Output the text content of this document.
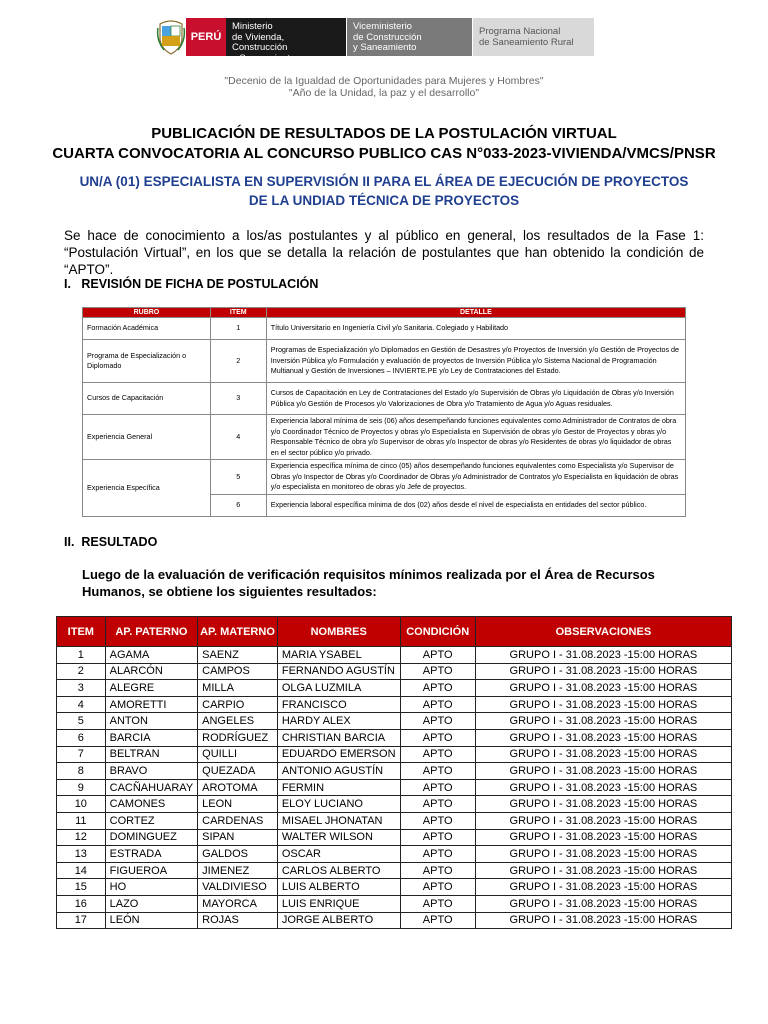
PERÚ
Ministerio
de Vivienda, Construcción
y Saneamiento
Viceministerio
de Construcción
y Saneamiento
Programa Nacional
de Saneamiento Rural
"Decenio de la Igualdad de Oportunidades para Mujeres y Hombres"
"Año de la Unidad, la paz y el desarrollo"
PUBLICACIÓN DE RESULTADOS DE LA POSTULACIÓN VIRTUAL
CUARTA CONVOCATORIA AL CONCURSO PUBLICO CAS N°033-2023-VIVIENDA/VMCS/PNSR
UN/A (01) ESPECIALISTA EN SUPERVISIÓN II PARA EL ÁREA DE EJECUCIÓN DE PROYECTOS DE LA UNDIAD TÉCNICA DE PROYECTOS
Se hace de conocimiento a los/as postulantes y al público en general, los resultados de la Fase 1: “Postulación Virtual”, en los que se detalla la relación de postulantes que han obtenido la condición de “APTO”.
I.   REVISIÓN DE FICHA DE POSTULACIÓN
RUBRO	ITEM	DETALLE
Formación Académica	1	Título Universitario en Ingeniería Civil y/o Sanitaria. Colegiado y Habilitado
Programa de Especialización o Diplomado	2	Programas de Especialización y/o Diplomados en Gestión de Desastres y/o Proyectos de Inversión y/o Gestión de Proyectos de Inversión Pública y/o Formulación y evaluación de proyectos de Inversión Pública y/o Sistema Nacional de Programación Multianual y Gestión de Inversiones – INVIERTE.PE y/o Ley de Contrataciones del Estado.
Cursos de Capacitación	3	Cursos de Capacitación en Ley de Contrataciones del Estado y/o Supervisión de Obras y/o Liquidación de Obras y/o Inversión Pública y/o Gestión de Procesos y/o Valorizaciones de Obra y/o Tratamiento de Agua y/o Aguas residuales.
Experiencia General	4	Experiencia laboral mínima de seis (06) años desempeñando funciones equivalentes como Administrador de Contratos de obra y/o Coordinador Técnico de Proyectos y obras y/o Especialista en Supervisión de obras y/o Gestor de Proyectos y obras y/o Responsable Técnico de obra y/o Supervisor de obras y/o Inspector de obras y/o Residentes de obras y/o liquidador de obras en el sector público y/o privado.
Experiencia Específica	5	Experiencia específica mínima de cinco (05) años desempeñando funciones equivalentes como Especialista y/o Supervisor de Obras y/o Inspector de Obras y/o Coordinador de Obras y/o Administrador de Contratos y/o Especialista en liquidación de obras y/o especialista en monitoreo de obras y/o Jefe de proyectos.
	6	Experiencia laboral específica mínima de dos (02) años desde el nivel de especialista en entidades del sector público.
II.  RESULTADO
Luego de la evaluación de verificación requisitos mínimos realizada por el Área de Recursos Humanos, se obtiene los siguientes resultados:
ITEM	AP. PATERNO	AP. MATERNO	NOMBRES	CONDICIÓN	OBSERVACIONES
1	AGAMA	SAENZ	MARIA YSABEL	APTO	GRUPO I - 31.08.2023 -15:00 HORAS
2	ALARCÓN	CAMPOS	FERNANDO AGUSTÍN	APTO	GRUPO I - 31.08.2023 -15:00 HORAS
3	ALEGRE	MILLA	OLGA LUZMILA	APTO	GRUPO I - 31.08.2023 -15:00 HORAS
4	AMORETTI	CARPIO	FRANCISCO	APTO	GRUPO I - 31.08.2023 -15:00 HORAS
5	ANTON	ANGELES	HARDY ALEX	APTO	GRUPO I - 31.08.2023 -15:00 HORAS
6	BARCIA	RODRÍGUEZ	CHRISTIAN BARCIA	APTO	GRUPO I - 31.08.2023 -15:00 HORAS
7	BELTRAN	QUILLI	EDUARDO EMERSON	APTO	GRUPO I - 31.08.2023 -15:00 HORAS
8	BRAVO	QUEZADA	ANTONIO AGUSTÍN	APTO	GRUPO I - 31.08.2023 -15:00 HORAS
9	CACÑAHUARAY	AROTOMA	FERMIN	APTO	GRUPO I - 31.08.2023 -15:00 HORAS
10	CAMONES	LEON	ELOY LUCIANO	APTO	GRUPO I - 31.08.2023 -15:00 HORAS
11	CORTEZ	CARDENAS	MISAEL JHONATAN	APTO	GRUPO I - 31.08.2023 -15:00 HORAS
12	DOMINGUEZ	SIPAN	WALTER WILSON	APTO	GRUPO I - 31.08.2023 -15:00 HORAS
13	ESTRADA	GALDOS	OSCAR	APTO	GRUPO I - 31.08.2023 -15:00 HORAS
14	FIGUEROA	JIMENEZ	CARLOS ALBERTO	APTO	GRUPO I - 31.08.2023 -15:00 HORAS
15	HO	VALDIVIESO	LUIS ALBERTO	APTO	GRUPO I - 31.08.2023 -15:00 HORAS
16	LAZO	MAYORCA	LUIS ENRIQUE	APTO	GRUPO I - 31.08.2023 -15:00 HORAS
17	LEÓN	ROJAS	JORGE ALBERTO	APTO	GRUPO I - 31.08.2023 -15:00 HORAS
